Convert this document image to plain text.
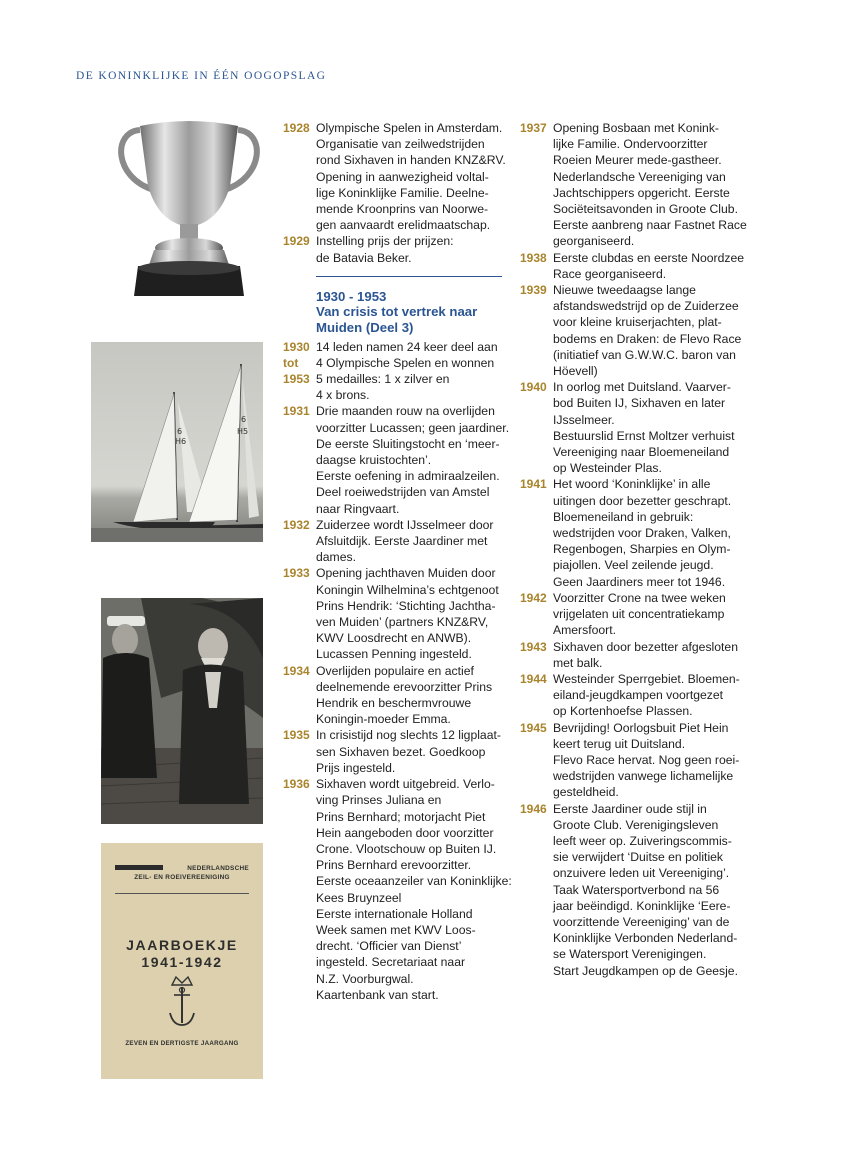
DE KONINKLIJKE IN ÉÉN OOGOPSLAG
6
H6
6
H5
NEDERLANDSCHE
ZEIL- EN ROEIVEREENIGING
JAARBOEKJE
1941-1942
ZEVEN EN DERTIGSTE JAARGANG
1928 Olympische Spelen in Amsterdam.
Organisatie van zeilwedstrijden
rond Sixhaven in handen KNZ&RV.
Opening in aanwezigheid voltal-
lige Koninklijke Familie. Deelne-
mende Kroonprins van Noorwe-
gen aanvaardt erelidmaatschap.
1929 Instelling prijs der prijzen:
de Batavia Beker.
1930 - 1953
Van crisis tot vertrek naar
Muiden (Deel 3)
1930 14 leden namen 24 keer deel aan
tot	4 Olympische Spelen en wonnen
1953 5 medailles: 1 x zilver en
4 x brons.
1931 Drie maanden rouw na overlijden
voorzitter Lucassen; geen jaardiner.
De eerste Sluitingstocht en ‘meer-
daagse kruistochten’.
Eerste oefening in admiraalzeilen.
Deel roeiwedstrijden van Amstel
naar Ringvaart.
1932 Zuiderzee wordt IJsselmeer door
Afsluitdijk. Eerste Jaardiner met
dames.
1933 Opening jachthaven Muiden door
Koningin Wilhelmina’s echtgenoot
Prins Hendrik: ‘Stichting Jachtha-
ven Muiden’ (partners KNZ&RV,
KWV Loosdrecht en ANWB).
Lucassen Penning ingesteld.
1934 Overlijden populaire en actief
deelnemende erevoorzitter Prins
Hendrik en beschermvrouwe
Koningin-moeder Emma.
1935 In crisistijd nog slechts 12 ligplaat-
sen Sixhaven bezet. Goedkoop
Prijs ingesteld.
1936 Sixhaven wordt uitgebreid. Verlo-
ving Prinses Juliana en
Prins Bernhard; motorjacht Piet
Hein aangeboden door voorzitter
Crone. Vlootschouw op Buiten IJ.
Prins Bernhard erevoorzitter.
Eerste oceaanzeiler van Koninklijke:
Kees Bruynzeel
Eerste internationale Holland
Week samen met KWV Loos-
drecht. ‘Officier van Dienst’
ingesteld. Secretariaat naar
N.Z. Voorburgwal.
Kaartenbank van start.
1937 Opening Bosbaan met Konink-
lijke Familie. Ondervoorzitter
Roeien Meurer mede-gastheer.
Nederlandsche Vereeniging van
Jachtschippers opgericht. Eerste
Sociëteitsavonden in Groote Club.
Eerste aanbreng naar Fastnet Race
georganiseerd.
1938 Eerste clubdas en eerste Noordzee
Race georganiseerd.
1939 Nieuwe tweedaagse lange
afstandswedstrijd op de Zuiderzee
voor kleine kruiserjachten, plat-
bodems en Draken: de Flevo Race
(initiatief van G.W.W.C. baron van
Höevell)
1940 In oorlog met Duitsland. Vaarver-
bod Buiten IJ, Sixhaven en later
IJsselmeer.
Bestuurslid Ernst Moltzer verhuist
Vereeniging naar Bloemeneiland
op Westeinder Plas.
1941 Het woord ‘Koninklijke’ in alle
uitingen door bezetter geschrapt.
Bloemeneiland in gebruik:
wedstrijden voor Draken, Valken,
Regenbogen, Sharpies en Olym-
piajollen. Veel zeilende jeugd.
Geen Jaardiners meer tot 1946.
1942 Voorzitter Crone na twee weken
vrijgelaten uit concentratiekamp
Amersfoort.
1943 Sixhaven door bezetter afgesloten
met balk.
1944 Westeinder Sperrgebiet. Bloemen-
eiland-jeugdkampen voortgezet
op Kortenhoefse Plassen.
1945 Bevrijding! Oorlogsbuit Piet Hein
keert terug uit Duitsland.
Flevo Race hervat. Nog geen roei-
wedstrijden vanwege lichamelijke
gesteldheid.
1946 Eerste Jaardiner oude stijl in
Groote Club. Verenigingsleven
leeft weer op. Zuiveringscommis-
sie verwijdert ‘Duitse en politiek
onzuivere leden uit Vereeniging’.
Taak Watersportverbond na 56
jaar beëindigd. Koninklijke ‘Eere-
voorzittende Vereeniging’ van de
Koninklijke Verbonden Nederland-
se Watersport Verenigingen.
Start Jeugdkampen op de Geesje.
